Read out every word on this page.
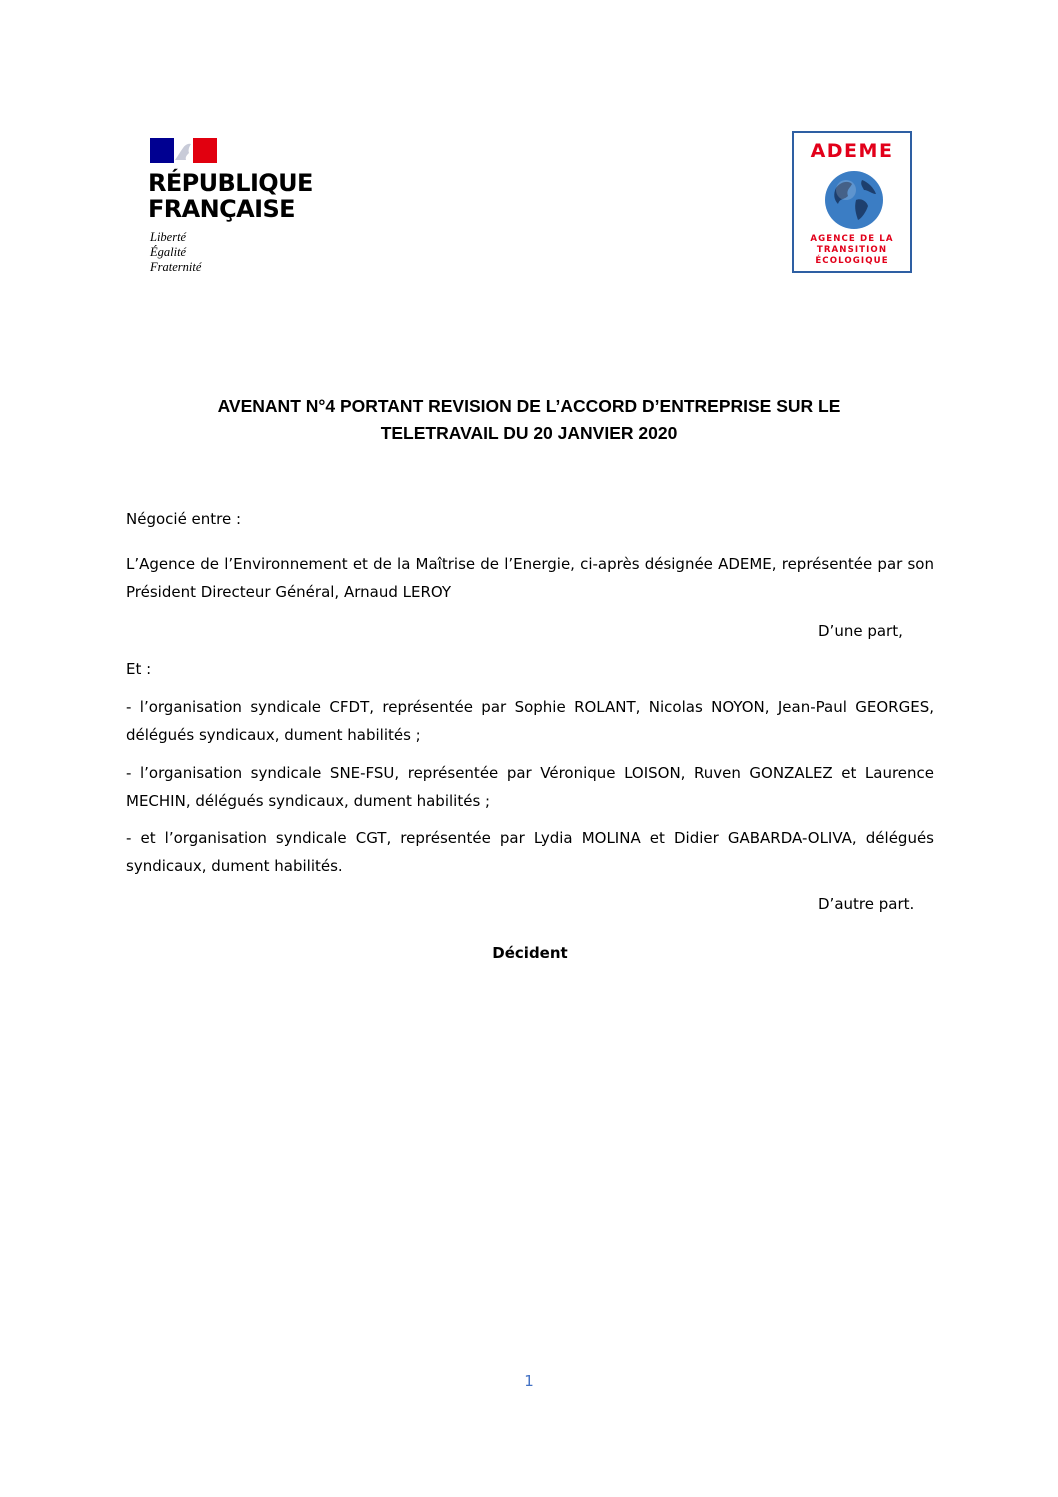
RÉPUBLIQUE
FRANÇAISE
Liberté
Égalité
Fraternité
ADEME
AGENCE DE LA
TRANSITION
ÉCOLOGIQUE
AVENANT N°4 PORTANT REVISION DE L’ACCORD D’ENTREPRISE SUR LE
TELETRAVAIL DU 20 JANVIER 2020
Négocié entre :
L’Agence de l’Environnement et de la Maîtrise de l’Energie, ci-après désignée ADEME, représentée par son Président Directeur Général, Arnaud LEROY
D’une part,
Et :
- l’organisation syndicale CFDT, représentée par Sophie ROLANT, Nicolas NOYON, Jean-Paul GEORGES, délégués syndicaux, dument habilités ;
- l’organisation syndicale SNE-FSU, représentée par Véronique LOISON, Ruven GONZALEZ et Laurence MECHIN, délégués syndicaux, dument habilités ;
- et l’organisation syndicale CGT, représentée par Lydia MOLINA et Didier GABARDA-OLIVA, délégués syndicaux, dument habilités.
D’autre part.
Décident
1
